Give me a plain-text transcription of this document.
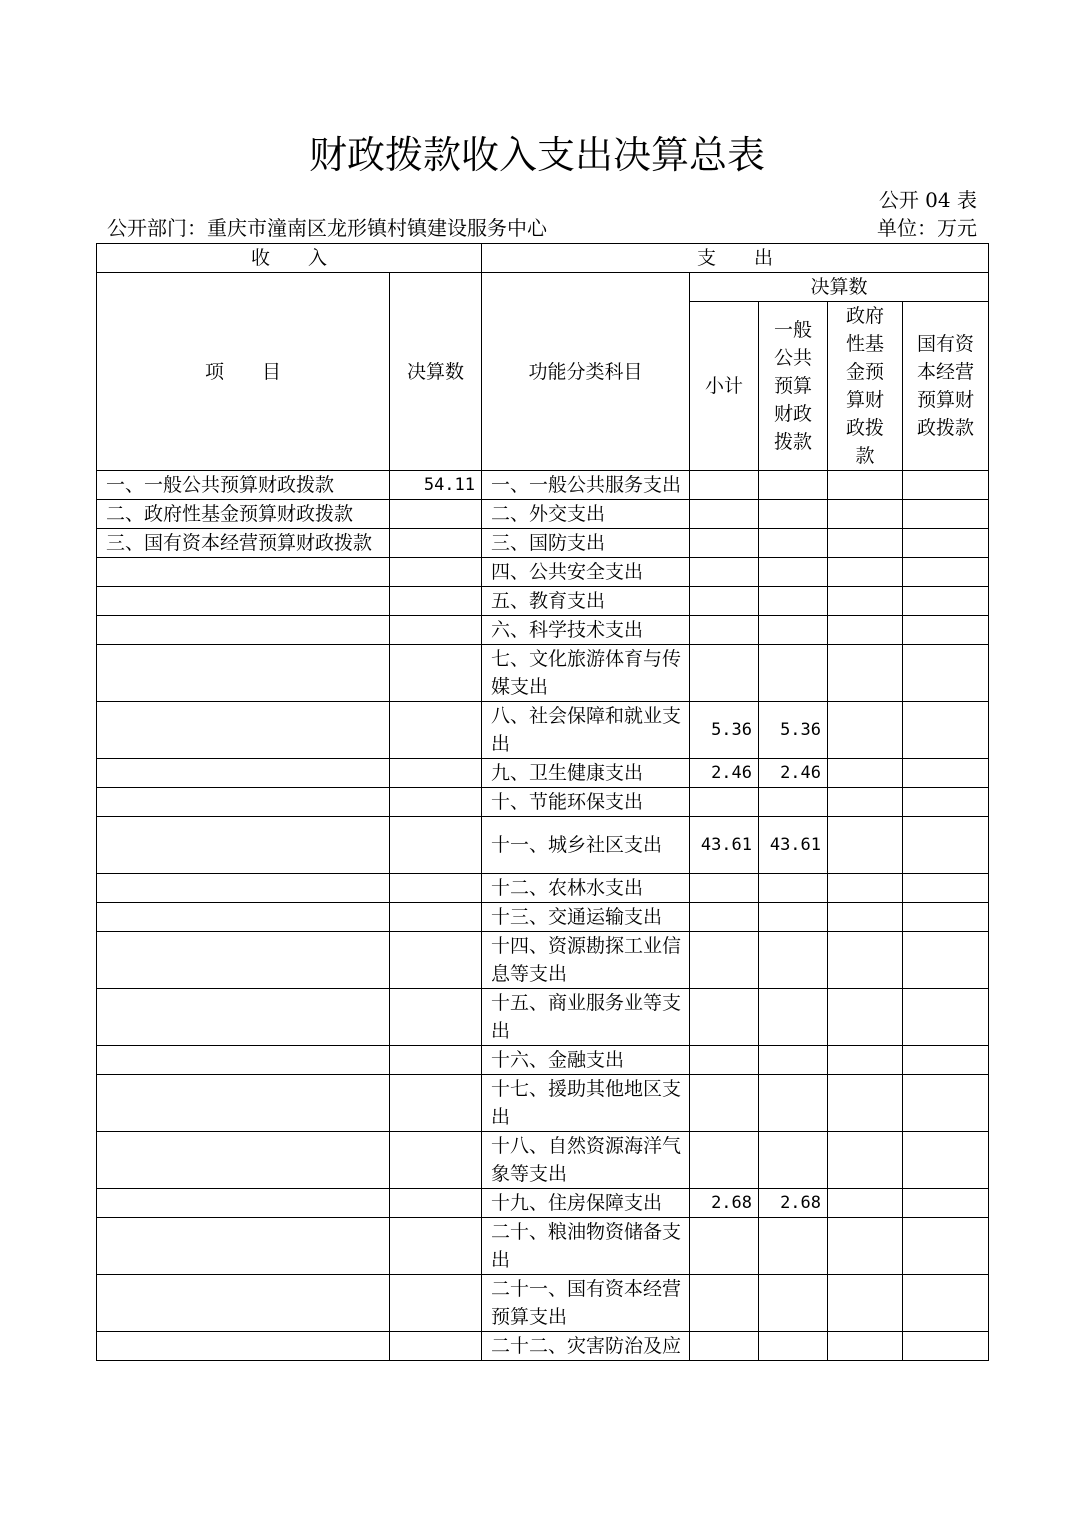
财政拨款收入支出决算总表
公开 04 表
公开部门：重庆市潼南区龙形镇村镇建设服务中心	单位：万元
收　　入		支　　出				
项　　目	决算数	功能分类科目	决算数			
			小计	一般公共预算财政拨款	政府性基金预算财政拨款	国有资本经营预算财政拨款
一、一般公共预算财政拨款	54.11	一、一般公共服务支出				
二、政府性基金预算财政拨款		二、外交支出				
三、国有资本经营预算财政拨款		三、国防支出				
		四、公共安全支出				
		五、教育支出				
		六、科学技术支出				
		七、文化旅游体育与传媒支出				
		八、社会保障和就业支出	5.36	5.36		
		九、卫生健康支出	2.46	2.46		
		十、节能环保支出				
		十一、城乡社区支出	43.61	43.61		
		十二、农林水支出				
		十三、交通运输支出				
		十四、资源勘探工业信息等支出				
		十五、商业服务业等支出				
		十六、金融支出				
		十七、援助其他地区支出				
		十八、自然资源海洋气象等支出				
		十九、住房保障支出	2.68	2.68		
		二十、粮油物资储备支出				
		二十一、国有资本经营预算支出				
		二十二、灾害防治及应				
